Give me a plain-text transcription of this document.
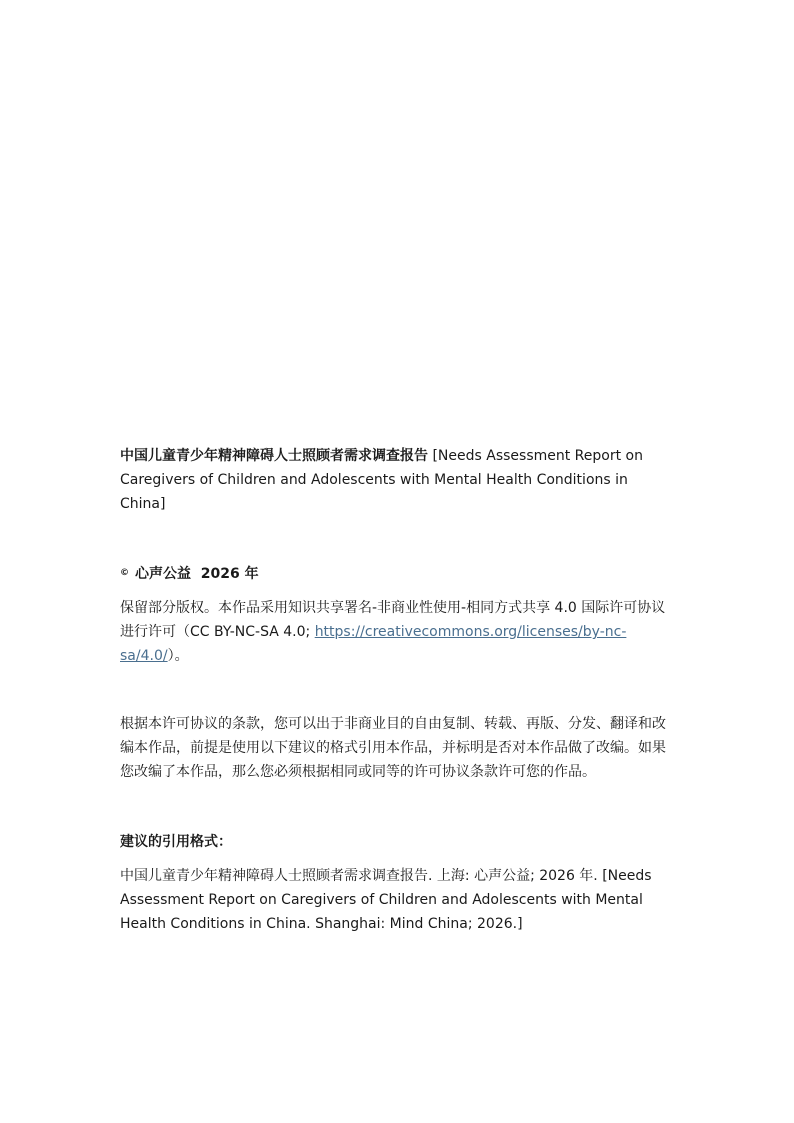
中国儿童青少年精神障碍人士照顾者需求调查报告 [Needs Assessment Report on Caregivers of Children and Adolescents with Mental Health Conditions in China]

© 心声公益 2026 年

保留部分版权。本作品采用知识共享署名-非商业性使用-相同方式共享 4.0 国际许可协议进行许可（CC BY-NC-SA 4.0; https://creativecommons.org/licenses/by-nc-sa/4.0/）。

根据本许可协议的条款，您可以出于非商业目的自由复制、转载、再版、分发、翻译和改编本作品，前提是使用以下建议的格式引用本作品，并标明是否对本作品做了改编。如果您改编了本作品，那么您必须根据相同或同等的许可协议条款许可您的作品。

建议的引用格式：

中国儿童青少年精神障碍人士照顾者需求调查报告. 上海: 心声公益; 2026 年. [Needs Assessment Report on Caregivers of Children and Adolescents with Mental Health Conditions in China. Shanghai: Mind China; 2026.]
